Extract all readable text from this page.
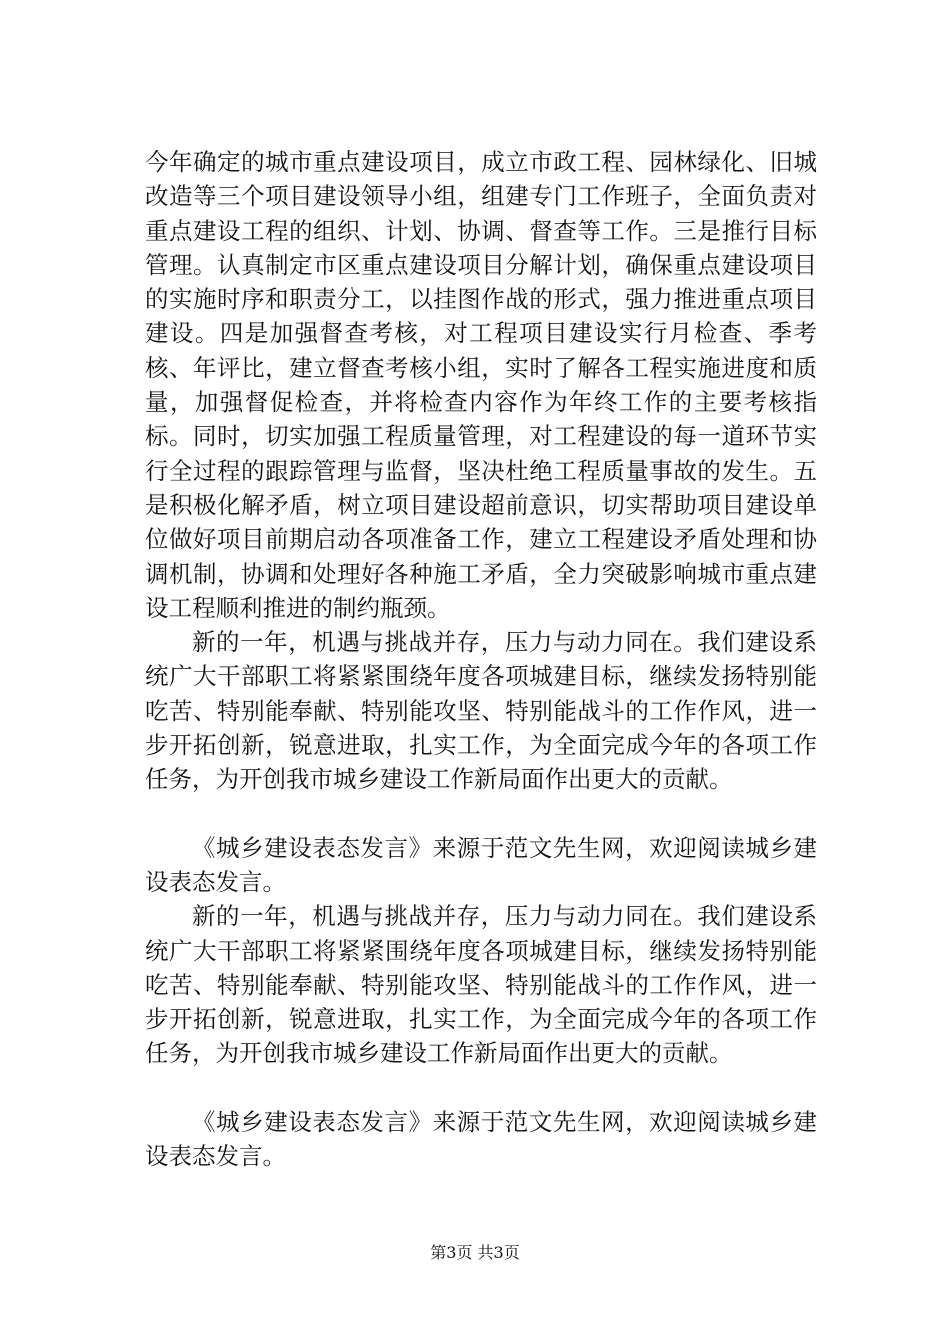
今年确定的城市重点建设项目，成立市政工程、园林绿化、旧城改造等三个项目建设领导小组，组建专门工作班子，全面负责对重点建设工程的组织、计划、协调、督查等工作。三是推行目标管理。认真制定市区重点建设项目分解计划，确保重点建设项目的实施时序和职责分工，以挂图作战的形式，强力推进重点项目建设。四是加强督查考核，对工程项目建设实行月检查、季考核、年评比，建立督查考核小组，实时了解各工程实施进度和质量，加强督促检查，并将检查内容作为年终工作的主要考核指标。同时，切实加强工程质量管理，对工程建设的每一道环节实行全过程的跟踪管理与监督，坚决杜绝工程质量事故的发生。五是积极化解矛盾，树立项目建设超前意识，切实帮助项目建设单位做好项目前期启动各项准备工作，建立工程建设矛盾处理和协调机制，协调和处理好各种施工矛盾，全力突破影响城市重点建设工程顺利推进的制约瓶颈。

新的一年，机遇与挑战并存，压力与动力同在。我们建设系统广大干部职工将紧紧围绕年度各项城建目标，继续发扬特别能吃苦、特别能奉献、特别能攻坚、特别能战斗的工作作风，进一步开拓创新，锐意进取，扎实工作，为全面完成今年的各项工作任务，为开创我市城乡建设工作新局面作出更大的贡献。

《城乡建设表态发言》来源于范文先生网，欢迎阅读城乡建设表态发言。

新的一年，机遇与挑战并存，压力与动力同在。我们建设系统广大干部职工将紧紧围绕年度各项城建目标，继续发扬特别能吃苦、特别能奉献、特别能攻坚、特别能战斗的工作作风，进一步开拓创新，锐意进取，扎实工作，为全面完成今年的各项工作任务，为开创我市城乡建设工作新局面作出更大的贡献。

《城乡建设表态发言》来源于范文先生网，欢迎阅读城乡建设表态发言。

第3页 共3页
